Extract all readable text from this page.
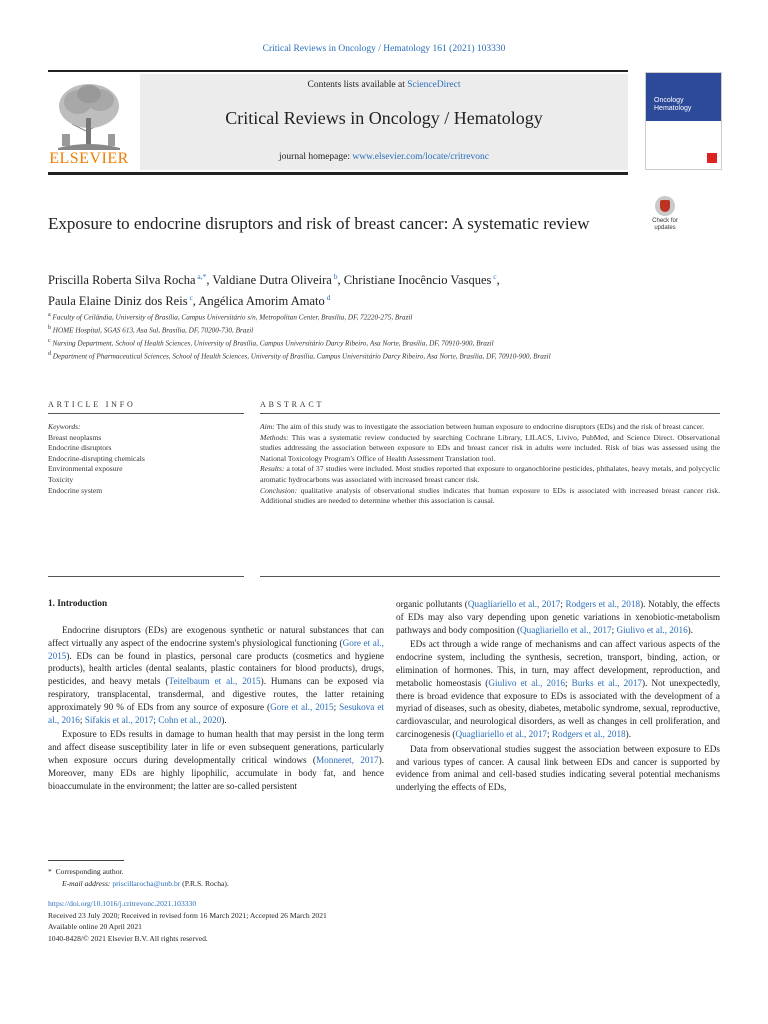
Critical Reviews in Oncology / Hematology 161 (2021) 103330
ELSEVIER
Contents lists available at ScienceDirect
Critical Reviews in Oncology / Hematology
journal homepage: www.elsevier.com/locate/critrevonc
Oncology
Hematology
Check for
updates
Exposure to endocrine disruptors and risk of breast cancer: A systematic review
Priscilla Roberta Silva Rocha $^{a,*}$, Valdiane Dutra Oliveira $^b$, Christiane Inocêncio Vasques $^c$,
Paula Elaine Diniz dos Reis $^c$, Angélica Amorim Amato $^d$
$^a$ Faculty of Ceilândia, University of Brasília, Campus Universitário s/n, Metropolitan Center, Brasília, DF, 72220-275, Brazil
$^b$ HOME Hospital, SGAS 613, Asa Sul, Brasília, DF, 70200-730, Brazil
$^c$ Nursing Department, School of Health Sciences, University of Brasília, Campus Universitário Darcy Ribeiro, Asa Norte, Brasília, DF, 70910-900, Brazil
$^d$ Department of Pharmaceutical Sciences, School of Health Sciences, University of Brasília, Campus Universitário Darcy Ribeiro, Asa Norte, Brasília, DF, 70910-900, Brazil
ARTICLE INFO	ABSTRACT
Keywords:
Breast neoplasms
Endocrine disruptors
Endocrine-disrupting chemicals
Environmental exposure
Toxicity
Endocrine system

Aim: The aim of this study was to investigate the association between human exposure to endocrine disruptors (EDs) and the risk of breast cancer.

Methods: This was a systematic review conducted by searching Cochrane Library, LILACS, Livivo, PubMed, and Science Direct. Observational studies addressing the association between exposure to EDs and breast cancer risk in adults were included. Risk of bias was assessed using the National Toxicology Program's Office of Health Assessment Translation tool.

Results: a total of 37 studies were included. Most studies reported that exposure to organochlorine pesticides, phthalates, heavy metals, and polycyclic aromatic hydrocarbons was associated with increased breast cancer risk.

Conclusion: qualitative analysis of observational studies indicates that human exposure to EDs is associated with increased breast cancer risk. Additional studies are needed to determine whether this association is causal.

1. Introduction

Endocrine disruptors (EDs) are exogenous synthetic or natural substances that can affect virtually any aspect of the endocrine system's physiological functioning (Gore et al., 2015). EDs can be found in plastics, personal care products (cosmetics and hygiene products), health articles (dental sealants, plastic containers for blood products), drugs, pesticides, and heavy metals (Teitelbaum et al., 2015). Humans can be exposed via respiratory, transplacental, transdermal, and digestive routes, the latter retaining approximately 90 % of EDs from any source of exposure (Gore et al., 2015; Sesukova et al., 2016; Sifakis et al., 2017; Cohn et al., 2020).

Exposure to EDs results in damage to human health that may persist in the long term and affect disease susceptibility later in life or even subsequent generations, particularly when exposure occurs during developmentally critical windows (Monneret, 2017). Moreover, many EDs are highly lipophilic, accumulate in body fat, and hence bioaccumulate in the environment; the latter are so-called persistent

organic pollutants (Quagliariello et al., 2017; Rodgers et al., 2018). Notably, the effects of EDs may also vary depending upon genetic variations in xenobiotic-metabolism pathways and body composition (Quagliariello et al., 2017; Giulivo et al., 2016).

EDs act through a wide range of mechanisms and can affect various aspects of the endocrine system, including the synthesis, secretion, transport, binding, action, or elimination of hormones. This, in turn, may affect development, reproduction, and metabolic homeostasis (Giulivo et al., 2016; Burks et al., 2017). Not unexpectedly, there is broad evidence that exposure to EDs is associated with the development of a myriad of diseases, such as obesity, diabetes, metabolic syndrome, sexual, reproductive, cardiovascular, and neurological disorders, as well as changes in cell proliferation, and carcinogenesis (Quagliariello et al., 2017; Rodgers et al., 2018).

Data from observational studies suggest the association between exposure to EDs and various types of cancer. A causal link between EDs and cancer is supported by evidence from animal and cell-based studies indicating several potential mechanisms underlying the effects of EDs,

* Corresponding author.
E-mail address: priscillarocha@unb.br (P.R.S. Rocha).
https://doi.org/10.1016/j.critrevonc.2021.103330
Received 23 July 2020; Received in revised form 16 March 2021; Accepted 26 March 2021
Available online 20 April 2021
1040-8428/© 2021 Elsevier B.V. All rights reserved.
